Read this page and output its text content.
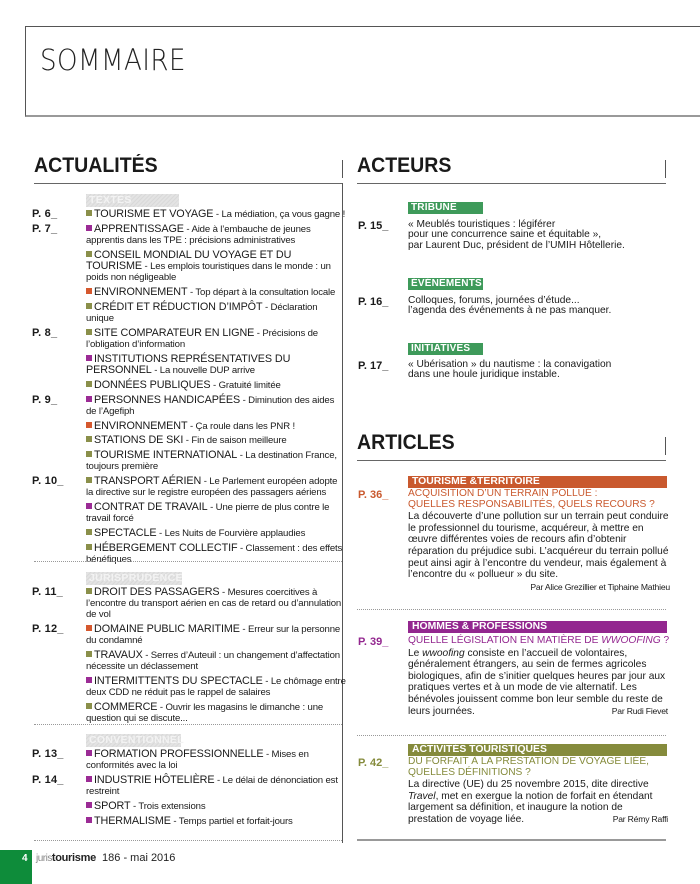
SOMMAIRE
ACTUALITÉS
TEXTES
P. 6_	TOURISME ET VOYAGE - La médiation, ça vous gagne !
P. 7_	APPRENTISSAGE - Aide à l’embauche de jeunes apprentis dans les TPE : précisions administratives
CONSEIL MONDIAL DU VOYAGE ET DU TOURISME - Les emplois touristiques dans le monde : un poids non négligeable
ENVIRONNEMENT - Top départ à la consultation locale
CRÉDIT ET RÉDUCTION D’IMPÔT - Déclaration unique
P. 8_	SITE COMPARATEUR EN LIGNE - Précisions de l’obligation d’information
INSTITUTIONS REPRÉSENTATIVES DU PERSONNEL - La nouvelle DUP arrive
DONNÉES PUBLIQUES - Gratuité limitée
P. 9_	PERSONNES HANDICAPÉES - Diminution des aides de l’Agefiph
ENVIRONNEMENT - Ça roule dans les PNR !
STATIONS DE SKI - Fin de saison meilleure
TOURISME INTERNATIONAL - La destination France, toujours première
P. 10_	TRANSPORT AÉRIEN - Le Parlement européen adopte la directive sur le registre européen des passagers aériens
CONTRAT DE TRAVAIL - Une pierre de plus contre le travail forcé
SPECTACLE - Les Nuits de Fourvière applaudies
HÉBERGEMENT COLLECTIF - Classement : des effets bénéfiques
JURISPRUDENCE
P. 11_	DROIT DES PASSAGERS - Mesures coercitives à l’encontre du transport aérien en cas de retard ou d’annulation de vol
P. 12_	DOMAINE PUBLIC MARITIME - Erreur sur la personne du condamné
TRAVAUX - Serres d’Auteuil : un changement d’affectation nécessite un déclassement
INTERMITTENTS DU SPECTACLE - Le chômage entre deux CDD ne réduit pas le rappel de salaires
COMMERCE - Ouvrir les magasins le dimanche : une question qui se discute...
CONVENTIONNEL
P. 13_	FORMATION PROFESSIONNELLE - Mises en conformités avec la loi
P. 14_	INDUSTRIE HÔTELIÈRE - Le délai de dénonciation est restreint
SPORT - Trois extensions
THERMALISME - Temps partiel et forfait-jours
ACTEURS
TRIBUNE
P. 15_ « Meublés touristiques : légiférer
pour une concurrence saine et équitable »,
par Laurent Duc, président de l’UMIH Hôtellerie.
ÉVÉNEMENTS
P. 16_ Colloques, forums, journées d’étude...
l’agenda des événements à ne pas manquer.
INITIATIVES
P. 17_ « Ubérisation » du nautisme : la conavigation
dans une houle juridique instable.
ARTICLES
TOURISME &TERRITOIRE
P. 36_ ACQUISITION D’UN TERRAIN POLLUÉ :
QUELLES RESPONSABILITÉS, QUELS RECOURS ?
La découverte d’une pollution sur un terrain peut conduire le professionnel du tourisme, acquéreur, à mettre en œuvre différentes voies de recours afin d’obtenir réparation du préjudice subi. L’acquéreur du terrain pollué peut ainsi agir à l’encontre du vendeur, mais également à l’encontre du « pollueur » du site.
Par Alice Grezillier et Tiphaine Mathieu
HOMMES & PROFESSIONS
P. 39_ QUELLE LÉGISLATION EN MATIÈRE DE WWOOFING ?
Le wwoofing consiste en l’accueil de volontaires, généralement étrangers, au sein de fermes agricoles biologiques, afin de s’initier quelques heures par jour aux pratiques vertes et à un mode de vie alternatif. Les bénévoles jouissent comme bon leur semble du reste de leurs journées.	Par Rudi Fievet
ACTIVITÉS TOURISTIQUES
P. 42_ DU FORFAIT À LA PRESTATION DE VOYAGE LIÉE,
QUELLES DÉFINITIONS ?
La directive (UE) du 25 novembre 2015, dite directive Travel, met en exergue la notion de forfait en étendant largement sa définition, et inaugure la notion de prestation de voyage liée.	Par Rémy Raffi
4 juristourisme 186 - mai 2016
